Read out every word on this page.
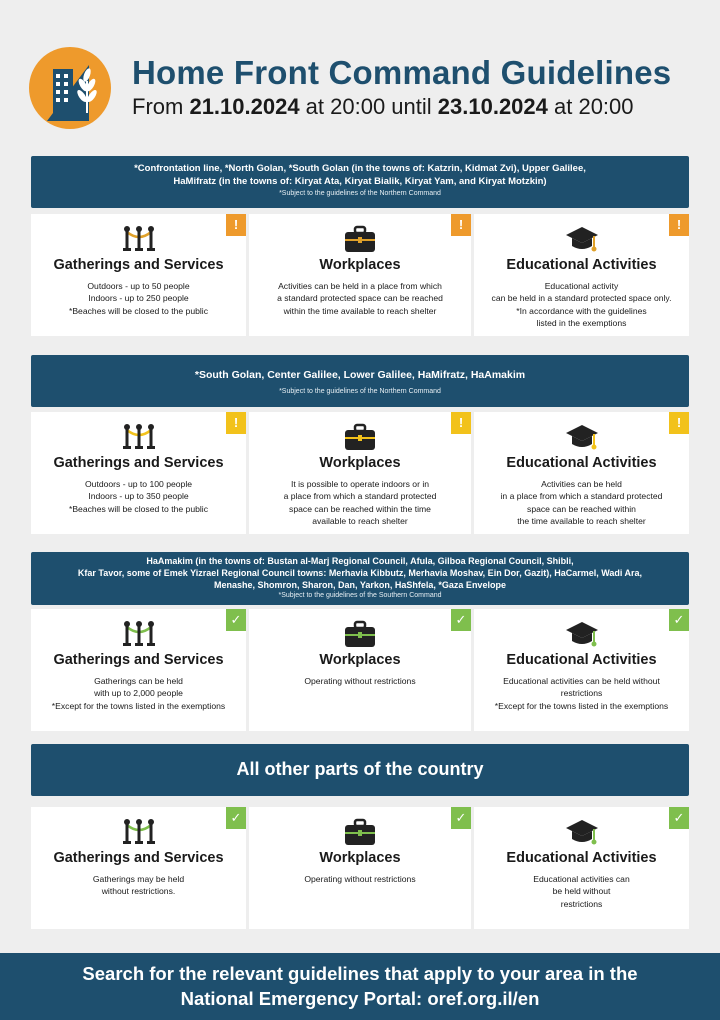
Home Front Command Guidelines
From 21.10.2024 at 20:00 until 23.10.2024 at 20:00
*Confrontation line, *North Golan, *South Golan (in the towns of: Katzrin, Kidmat Zvi), Upper Galilee,
HaMifratz (in the towns of: Kiryat Ata, Kiryat Bialik, Kiryat Yam, and Kiryat Motzkin)
*Subject to the guidelines of the Northern Command
!
Gatherings and Services
Outdoors - up to 50 people
Indoors - up to 250 people
*Beaches will be closed to the public
!
Workplaces
Activities can be held in a place from which
a standard protected space can be reached
within the time available to reach shelter
!
Educational Activities
Educational activity
can be held in a standard protected space only.
*In accordance with the guidelines
listed in the exemptions
*South Golan, Center Galilee, Lower Galilee, HaMifratz, HaAmakim
*Subject to the guidelines of the Northern Command
!
Gatherings and Services
Outdoors - up to 100 people
Indoors - up to 350 people
*Beaches will be closed to the public
!
Workplaces
It is possible to operate indoors or in
a place from which a standard protected
space can be reached within the time
available to reach shelter
!
Educational Activities
Activities can be held
in a place from which a standard protected
space can be reached within
the time available to reach shelter
HaAmakim (in the towns of: Bustan al-Marj Regional Council, Afula, Gilboa Regional Council, Shibli,
Kfar Tavor, some of Emek Yizrael Regional Council towns: Merhavia Kibbutz, Merhavia Moshav, Ein Dor, Gazit), HaCarmel, Wadi Ara,
Menashe, Shomron, Sharon, Dan, Yarkon, HaShfela, *Gaza Envelope
*Subject to the guidelines of the Southern Command
✓
Gatherings and Services
Gatherings can be held
with up to 2,000 people
*Except for the towns listed in the exemptions
✓
Workplaces
Operating without restrictions
✓
Educational Activities
Educational activities can be held without
restrictions
*Except for the towns listed in the exemptions
All other parts of the country
✓
Gatherings and Services
Gatherings may be held
without restrictions.
✓
Workplaces
Operating without restrictions
✓
Educational Activities
Educational activities can
be held without
restrictions
Search for the relevant guidelines that apply to your area in the
National Emergency Portal: oref.org.il/en
